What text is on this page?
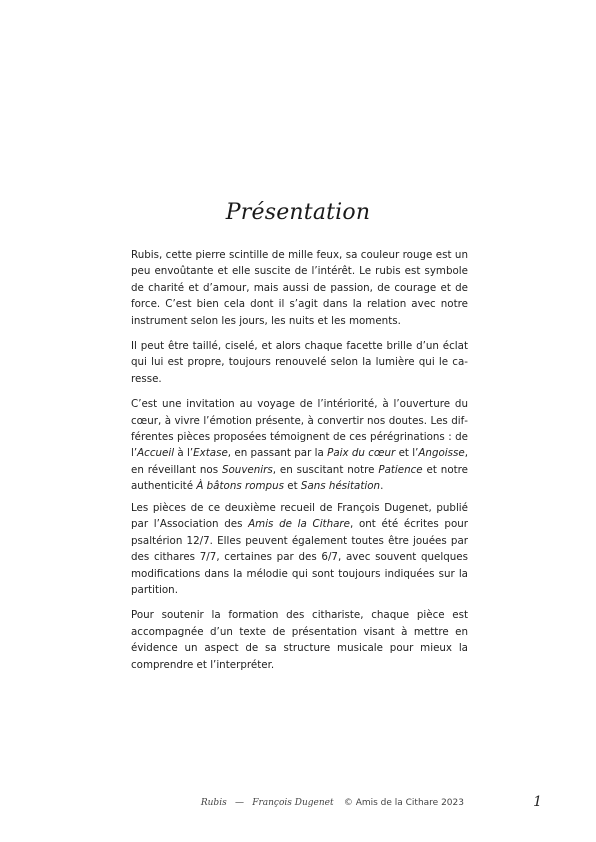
Présentation

Rubis, cette pierre scintille de mille feux, sa couleur rouge est un peu envoûtante et elle suscite de l’intérêt. Le rubis est symbole de charité et d’amour, mais aussi de passion, de courage et de force. C’est bien cela dont il s’agit dans la relation avec notre instrument selon les jours, les nuits et les moments.

Il peut être taillé, ciselé, et alors chaque facette brille d’un éclat qui lui est propre, toujours renouvelé selon la lumière qui le caresse.

C’est une invitation au voyage de l’intériorité, à l’ouverture du cœur, à vivre l’émotion présente, à convertir nos doutes. Les différentes pièces proposées témoignent de ces pérégrinations : de l’Accueil à l’Extase, en passant par la Paix du cœur et l’Angoisse, en réveillant nos Souvenirs, en suscitant notre Patience et notre authenticité À bâtons rompus et Sans hésitation.

Les pièces de ce deuxième recueil de François Dugenet, publié par l’Association des Amis de la Cithare, ont été écrites pour psaltérion 12/7. Elles peuvent également toutes être jouées par des cithares 7/7, certaines par des 6/7, avec souvent quelques modifications dans la mélodie qui sont toujours indiquées sur la partition.

Pour soutenir la formation des cithariste, chaque pièce est accompagnée d’un texte de présentation visant à mettre en évidence un aspect de sa structure musicale pour mieux la comprendre et l’interpréter.

Rubis — François Dugenet © Amis de la Cithare 2023	1
